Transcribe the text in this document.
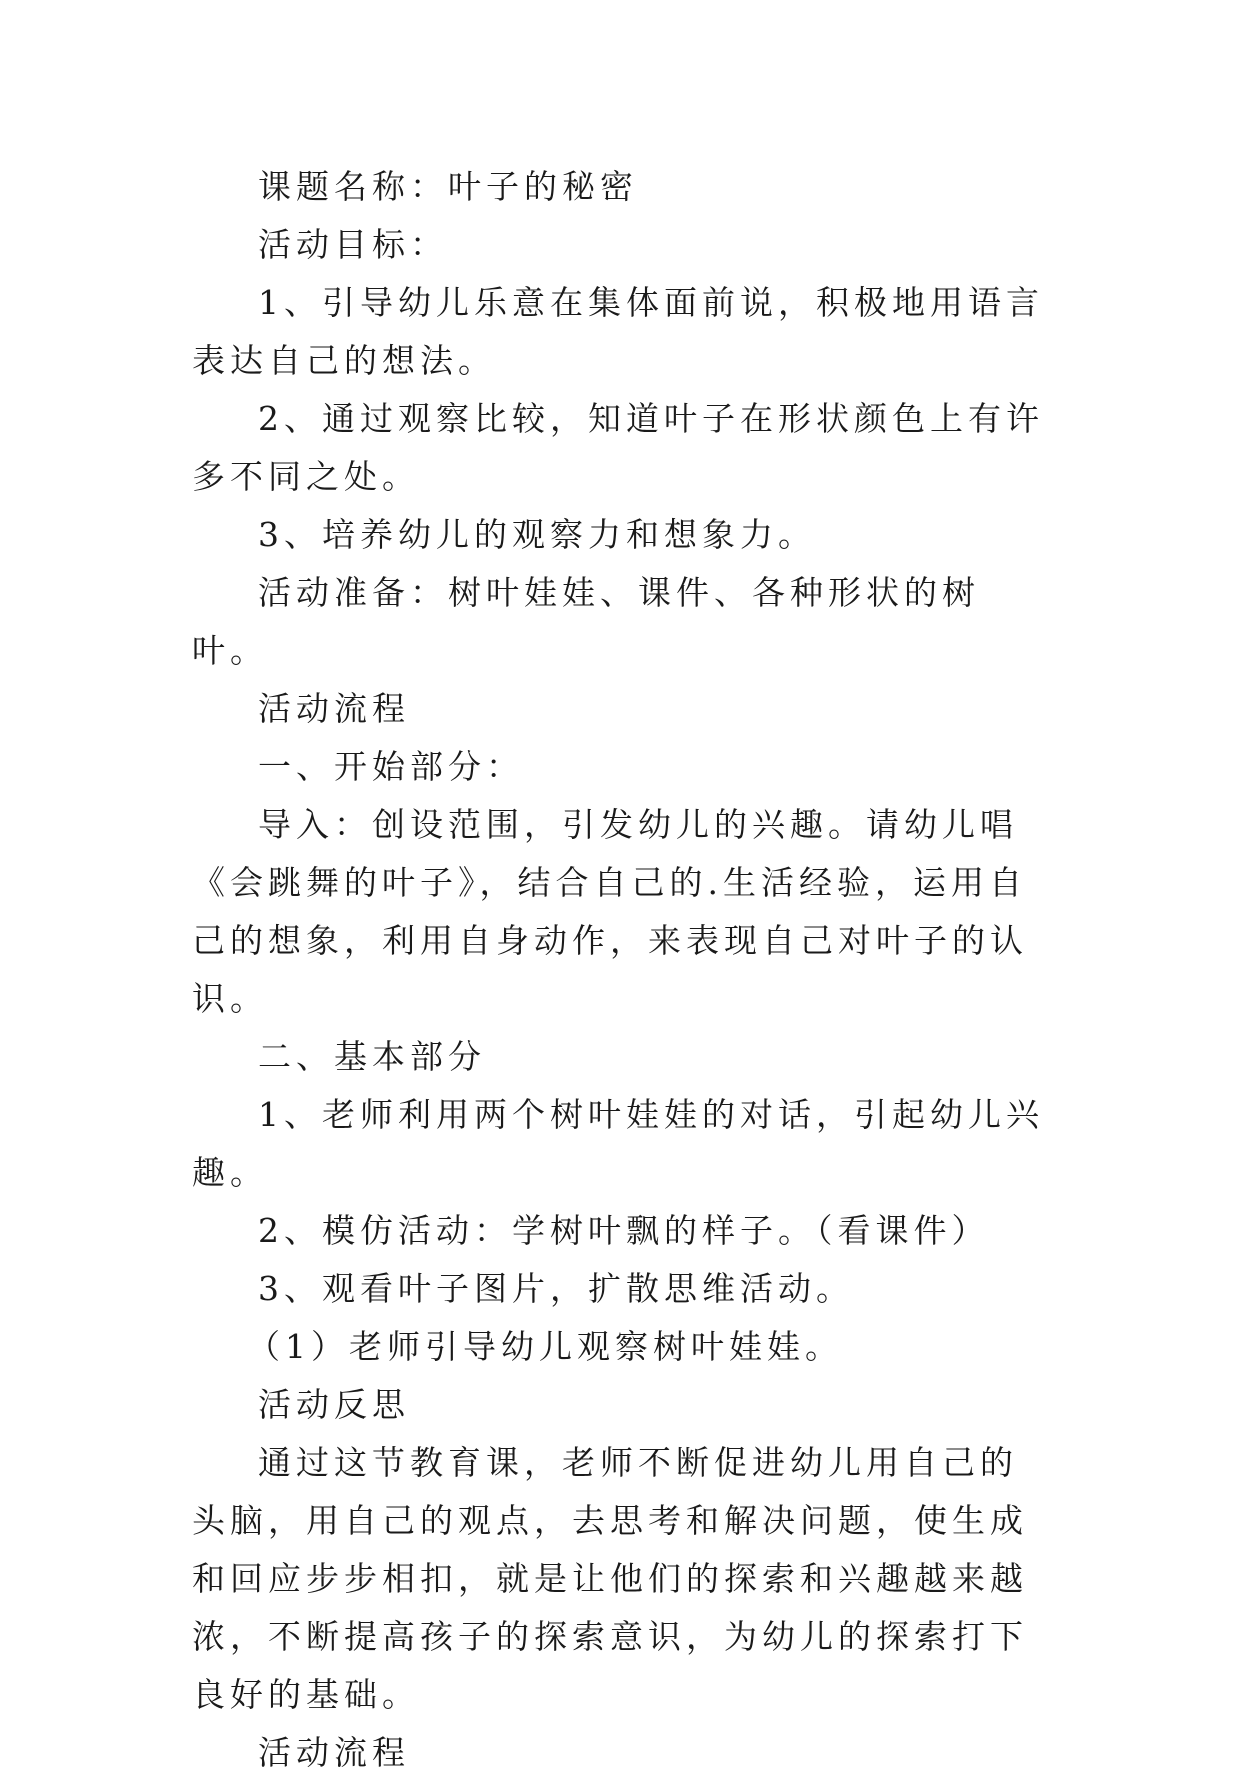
课题名称：叶子的秘密

活动目标：

1、引导幼儿乐意在集体面前说，积极地用语言表达自己的想法。

2、通过观察比较，知道叶子在形状颜色上有许多不同之处。

3、培养幼儿的观察力和想象力。

活动准备：树叶娃娃、课件、各种形状的树叶。

活动流程

一、开始部分：

导入：创设范围，引发幼儿的兴趣。请幼儿唱《会跳舞的叶子》，结合自己的.生活经验，运用自己的想象，利用自身动作，来表现自己对叶子的认识。

二、基本部分

1、老师利用两个树叶娃娃的对话，引起幼儿兴趣。

2、模仿活动：学树叶飘的样子。（看课件）

3、观看叶子图片，扩散思维活动。

（1）老师引导幼儿观察树叶娃娃。

活动反思

通过这节教育课，老师不断促进幼儿用自己的头脑，用自己的观点，去思考和解决问题，使生成和回应步步相扣，就是让他们的探索和兴趣越来越浓，不断提高孩子的探索意识，为幼儿的探索打下良好的基础。

活动流程
